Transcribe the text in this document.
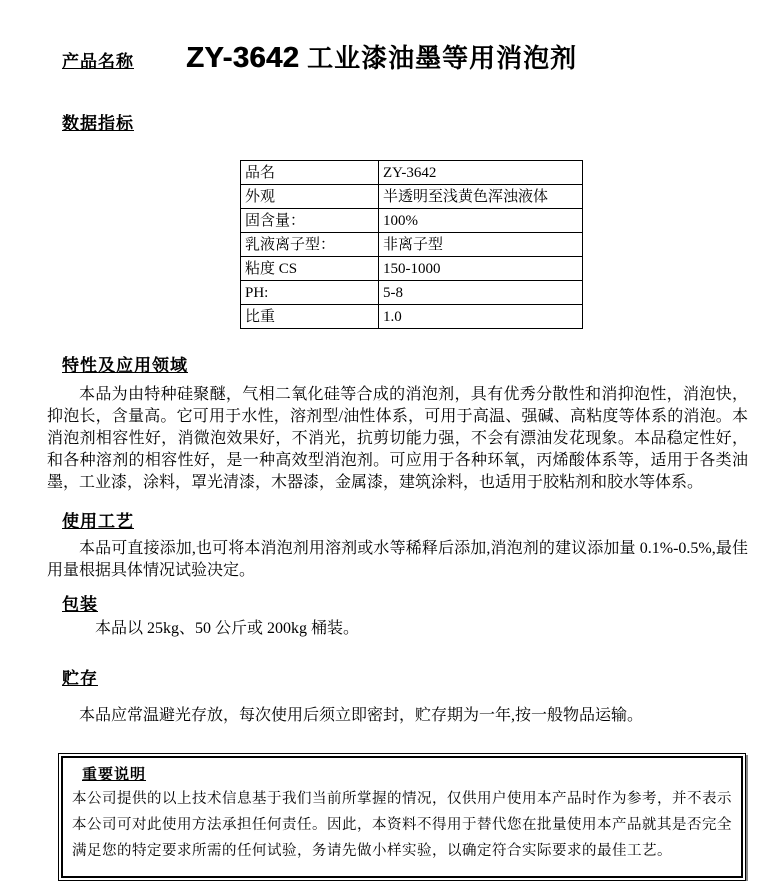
产品名称 ZY-3642 工业漆油墨等用消泡剂
数据指标
品名	ZY-3642
外观	半透明至浅黄色浑浊液体
固含量：	100%
乳液离子型：	非离子型
粘度 CS	150-1000
PH:	5-8
比重	1.0
特性及应用领域

本品为由特种硅聚醚，气相二氧化硅等合成的消泡剂，具有优秀分散性和消抑泡性，消泡快，抑泡长，含量高。它可用于水性，溶剂型/油性体系，可用于高温、强碱、高粘度等体系的消泡。本消泡剂相容性好，消微泡效果好，不消光，抗剪切能力强，不会有漂油发花现象。本品稳定性好，和各种溶剂的相容性好，是一种高效型消泡剂。可应用于各种环氧，丙烯酸体系等，适用于各类油墨，工业漆，涂料，罩光清漆，木器漆，金属漆，建筑涂料，也适用于胶粘剂和胶水等体系。

使用工艺

本品可直接添加,也可将本消泡剂用溶剂或水等稀释后添加,消泡剂的建议添加量 0.1%-0.5%,最佳用量根据具体情况试验决定。

包装

本品以 25kg、50 公斤或 200kg 桶装。

贮存

本品应常温避光存放，每次使用后须立即密封，贮存期为一年,按一般物品运输。

重要说明

本公司提供的以上技术信息基于我们当前所掌握的情况，仅供用户使用本产品时作为参考，并不表示本公司可对此使用方法承担任何责任。因此，本资料不得用于替代您在批量使用本产品就其是否完全满足您的特定要求所需的任何试验，务请先做小样实验，以确定符合实际要求的最佳工艺。
